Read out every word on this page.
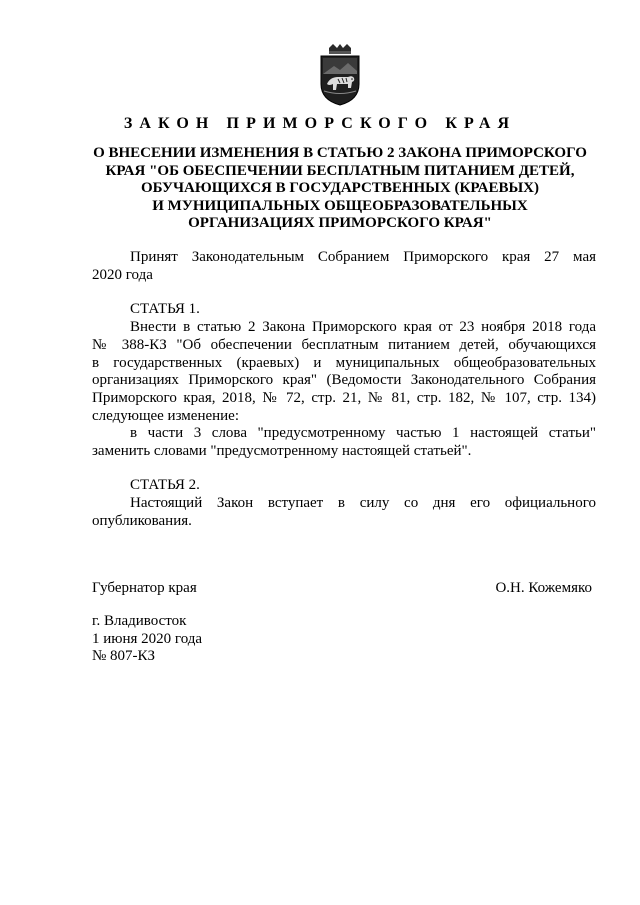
ЗАКОН ПРИМОРСКОГО КРАЯ
О ВНЕСЕНИИ ИЗМЕНЕНИЯ В СТАТЬЮ 2 ЗАКОНА ПРИМОРСКОГО
КРАЯ "ОБ ОБЕСПЕЧЕНИИ БЕСПЛАТНЫМ ПИТАНИЕМ ДЕТЕЙ,
ОБУЧАЮЩИХСЯ В ГОСУДАРСТВЕННЫХ (КРАЕВЫХ)
И МУНИЦИПАЛЬНЫХ ОБЩЕОБРАЗОВАТЕЛЬНЫХ
ОРГАНИЗАЦИЯХ ПРИМОРСКОГО КРАЯ"
Принят Законодательным Собранием Приморского края 27 мая
2020 года
СТАТЬЯ 1.
Внести в статью 2 Закона Приморского края от 23 ноября 2018 года
№ 388-КЗ "Об обеспечении бесплатным питанием детей, обучающихся
в государственных (краевых) и муниципальных общеобразовательных
организациях Приморского края" (Ведомости Законодательного Собрания
Приморского края, 2018, № 72, стр. 21, № 81, стр. 182, № 107, стр. 134)
следующее изменение:
в части 3 слова "предусмотренному частью 1 настоящей статьи"
заменить словами "предусмотренному настоящей статьей".
СТАТЬЯ 2.
Настоящий Закон вступает в силу со дня его официального
опубликования.
Губернатор края	О.Н. Кожемяко
г. Владивосток
1 июня 2020 года
№ 807-КЗ
